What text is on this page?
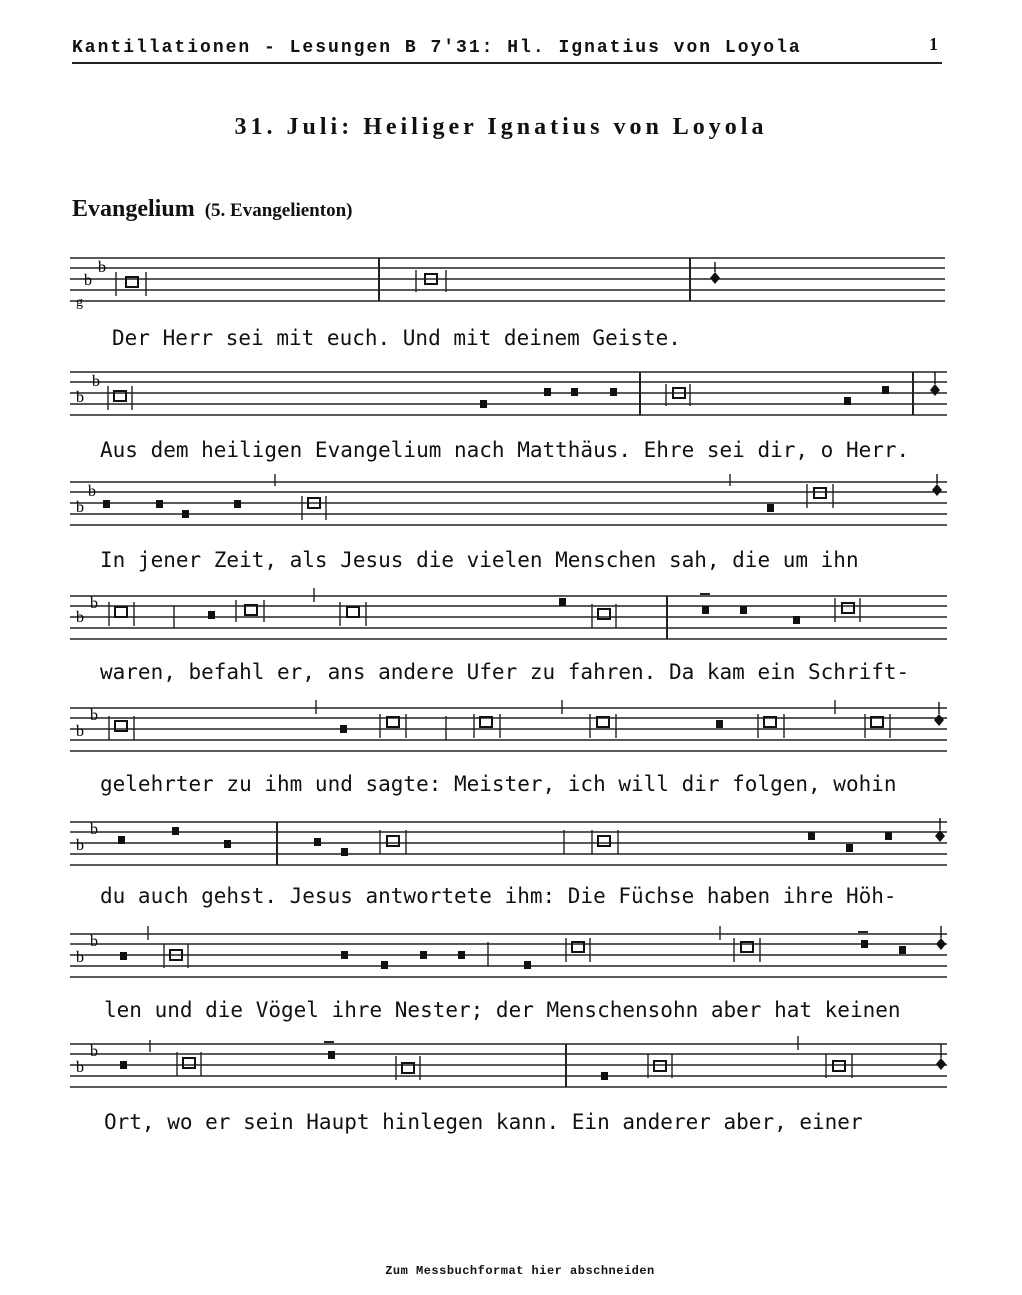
Kantillationen - Lesungen B 7'31: Hl. Ignatius von Loyola	1
31. Juli: Heiliger Ignatius von Loyola
Evangelium (5. Evangelienton)
b
b
g
Der Herr sei mit euch. Und mit deinem Geiste.
b
b
Aus dem heiligen Evangelium nach Matthäus. Ehre sei dir, o Herr.
b
b
In jener Zeit, als Jesus die vielen Menschen sah, die um ihn
b
b
waren, befahl er, ans andere Ufer zu fahren. Da kam ein Schrift-
b
b
gelehrter zu ihm und sagte: Meister, ich will dir folgen, wohin
b
b
du auch gehst. Jesus antwortete ihm: Die Füchse haben ihre Höh-
b
b
len und die Vögel ihre Nester; der Menschensohn aber hat keinen
b
b
Ort, wo er sein Haupt hinlegen kann. Ein anderer aber, einer
Zum Messbuchformat hier abschneiden
